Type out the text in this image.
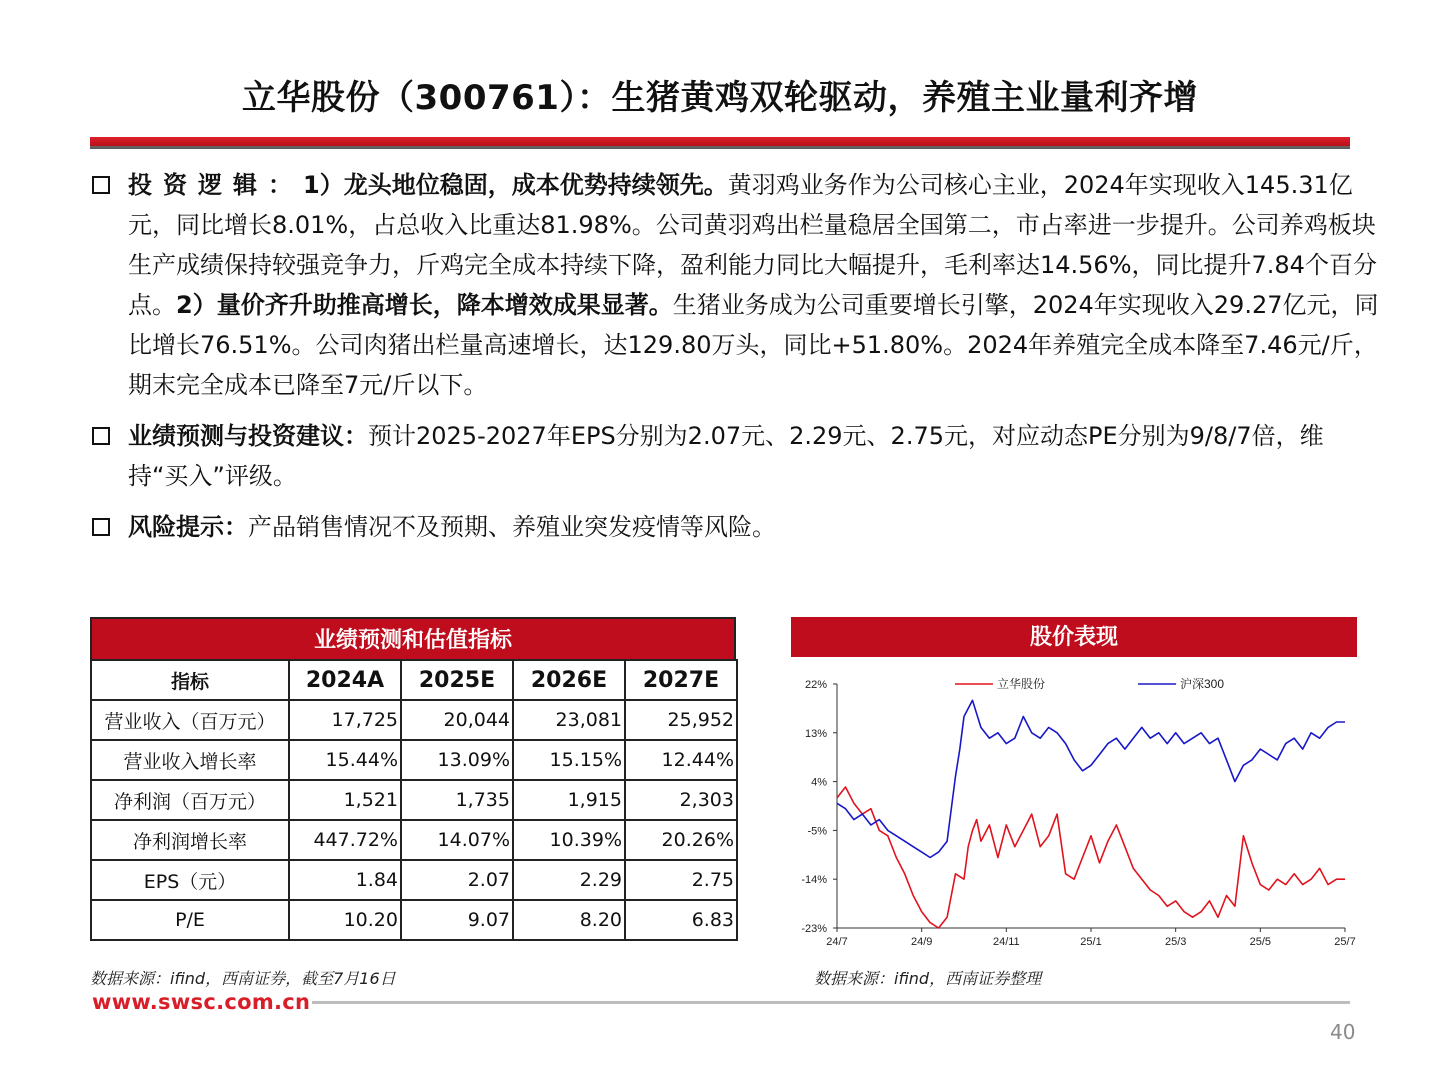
立华股份（300761）：生猪黄鸡双轮驱动，养殖主业量利齐增
投资逻辑：1）龙头地位稳固，成本优势持续领先。黄羽鸡业务作为公司核心主业，2024年实现收入145.31亿元，同比增长8.01%，占总收入比重达81.98%。公司黄羽鸡出栏量稳居全国第二，市占率进一步提升。公司养鸡板块生产成绩保持较强竞争力，斤鸡完全成本持续下降，盈利能力同比大幅提升，毛利率达14.56%，同比提升7.84个百分点。2）量价齐升助推高增长，降本增效成果显著。生猪业务成为公司重要增长引擎，2024年实现收入29.27亿元，同比增长76.51%。公司肉猪出栏量高速增长，达129.80万头，同比+51.80%。2024年养殖完全成本降至7.46元/斤，期末完全成本已降至7元/斤以下。
业绩预测与投资建议：预计2025-2027年EPS分别为2.07元、2.29元、2.75元，对应动态PE分别为9/8/7倍，维持“买入”评级。
风险提示：产品销售情况不及预期、养殖业突发疫情等风险。
业绩预测和估值指标
指标	2024A	2025E	2026E	2027E
营业收入（百万元）	17,725	20,044	23,081	25,952
营业收入增长率	15.44%	13.09%	15.15%	12.44%
净利润（百万元）	1,521	1,735	1,915	2,303
净利润增长率	447.72%	14.07%	10.39%	20.26%
EPS（元）	1.84	2.07	2.29	2.75
P/E	10.20	9.07	8.20	6.83
数据来源：ifind，西南证券，截至7月16日
股价表现
22%
13%
4%
-5%
-14%
-23%
24/7	24/9	24/11	25/1	25/3	25/5	25/7
立华股份	沪深300
数据来源：ifind，西南证券整理
www.swsc.com.cn
40
